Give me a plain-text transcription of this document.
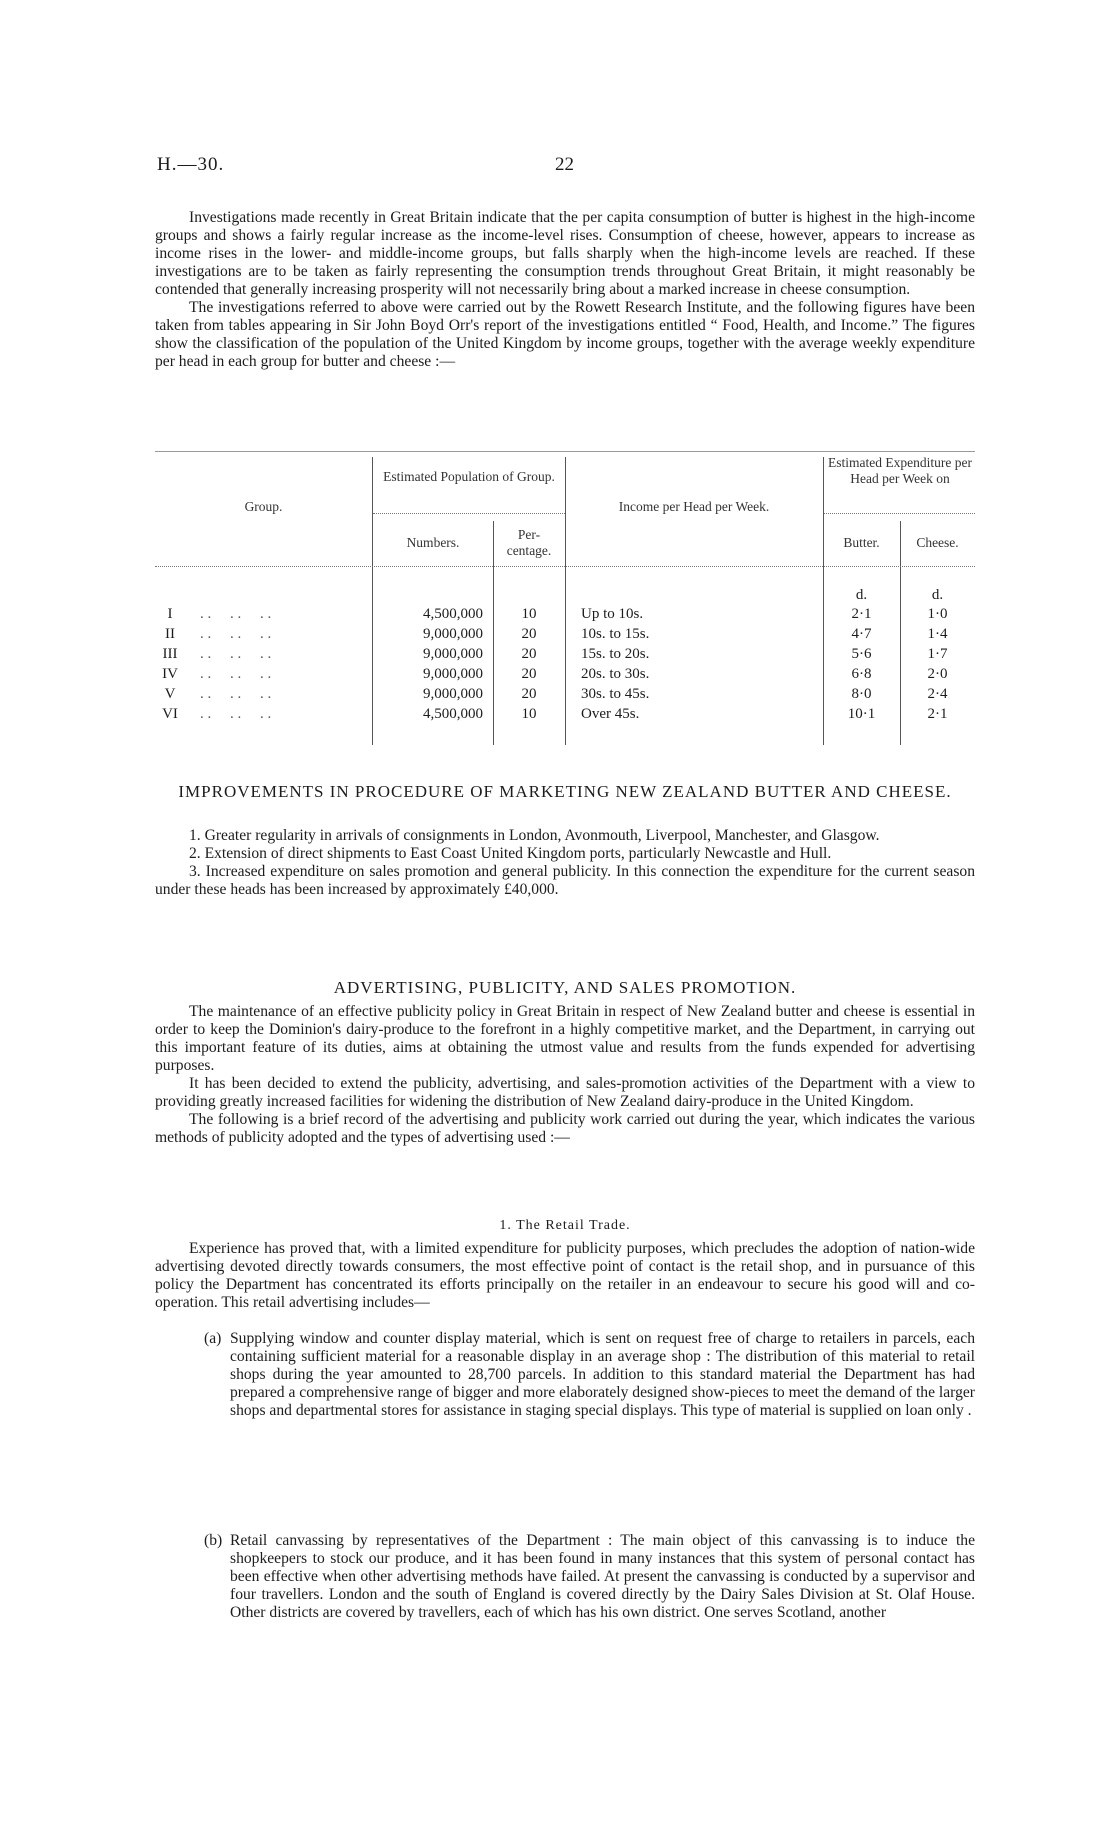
H.—30.	22

Investigations made recently in Great Britain indicate that the per capita consumption of butter is highest in the high-income groups and shows a fairly regular increase as the income-level rises. Consumption of cheese, however, appears to increase as income rises in the lower- and middle-income groups, but falls sharply when the high-income levels are reached. If these investigations are to be taken as fairly representing the consumption trends throughout Great Britain, it might reasonably be contended that generally increasing prosperity will not necessarily bring about a marked increase in cheese consumption.

The investigations referred to above were carried out by the Rowett Research Institute, and the following figures have been taken from tables appearing in Sir John Boyd Orr's report of the investigations entitled “ Food, Health, and Income.” The figures show the classification of the population of the United Kingdom by income groups, together with the average weekly expenditure per head in each group for butter and cheese :—

Group.
Estimated Population of Group.
Numbers.
Per-centage.
Income per Head per Week.
Estimated Expenditure per Head per Week on
Butter.	Cheese.
d.	d.
I	4,500,000	10	Up to 10s.	2·1	1·0
. .     . .     . .
II	9,000,000	20	10s. to 15s.	4·7	1·4
. .     . .     . .
III	9,000,000	20	15s. to 20s.	5·6	1·7
. .     . .     . .
IV	9,000,000	20	20s. to 30s.	6·8	2·0
. .     . .     . .
V	9,000,000	20	30s. to 45s.	8·0	2·4
. .     . .     . .
VI	4,500,000	10	Over 45s.	10·1	2·1
. .     . .     . .
IMPROVEMENTS IN PROCEDURE OF MARKETING NEW ZEALAND BUTTER AND CHEESE.

1. Greater regularity in arrivals of consignments in London, Avonmouth, Liverpool, Manchester, and Glasgow.

2. Extension of direct shipments to East Coast United Kingdom ports, particularly Newcastle and Hull.

3. Increased expenditure on sales promotion and general publicity. In this connection the expenditure for the current season under these heads has been increased by approximately £40,000.

ADVERTISING, PUBLICITY, AND SALES PROMOTION.

The maintenance of an effective publicity policy in Great Britain in respect of New Zealand butter and cheese is essential in order to keep the Dominion's dairy-produce to the forefront in a highly competitive market, and the Department, in carrying out this important feature of its duties, aims at obtaining the utmost value and results from the funds expended for advertising purposes.

It has been decided to extend the publicity, advertising, and sales-promotion activities of the Department with a view to providing greatly increased facilities for widening the distribution of New Zealand dairy-produce in the United Kingdom.

The following is a brief record of the advertising and publicity work carried out during the year, which indicates the various methods of publicity adopted and the types of advertising used :—

1. The Retail Trade.

Experience has proved that, with a limited expenditure for publicity purposes, which precludes the adoption of nation-wide advertising devoted directly towards consumers, the most effective point of contact is the retail shop, and in pursuance of this policy the Department has concentrated its efforts principally on the retailer in an endeavour to secure his good will and co-operation. This retail advertising includes—

(a) Supplying window and counter display material, which is sent on request free of charge to retailers in parcels, each containing sufficient material for a reasonable display in an average shop : The distribution of this material to retail shops during the year amounted to 28,700 parcels. In addition to this standard material the Department has had prepared a comprehensive range of bigger and more elaborately designed show-pieces to meet the demand of the larger shops and departmental stores for assistance in staging special displays. This type of material is supplied on loan only .
(b) Retail canvassing by representatives of the Department : The main object of this canvassing is to induce the shopkeepers to stock our produce, and it has been found in many instances that this system of personal contact has been effective when other advertising methods have failed. At present the canvassing is conducted by a supervisor and four travellers. London and the south of England is covered directly by the Dairy Sales Division at St. Olaf House. Other districts are covered by travellers, each of which has his own district. One serves Scotland, another
